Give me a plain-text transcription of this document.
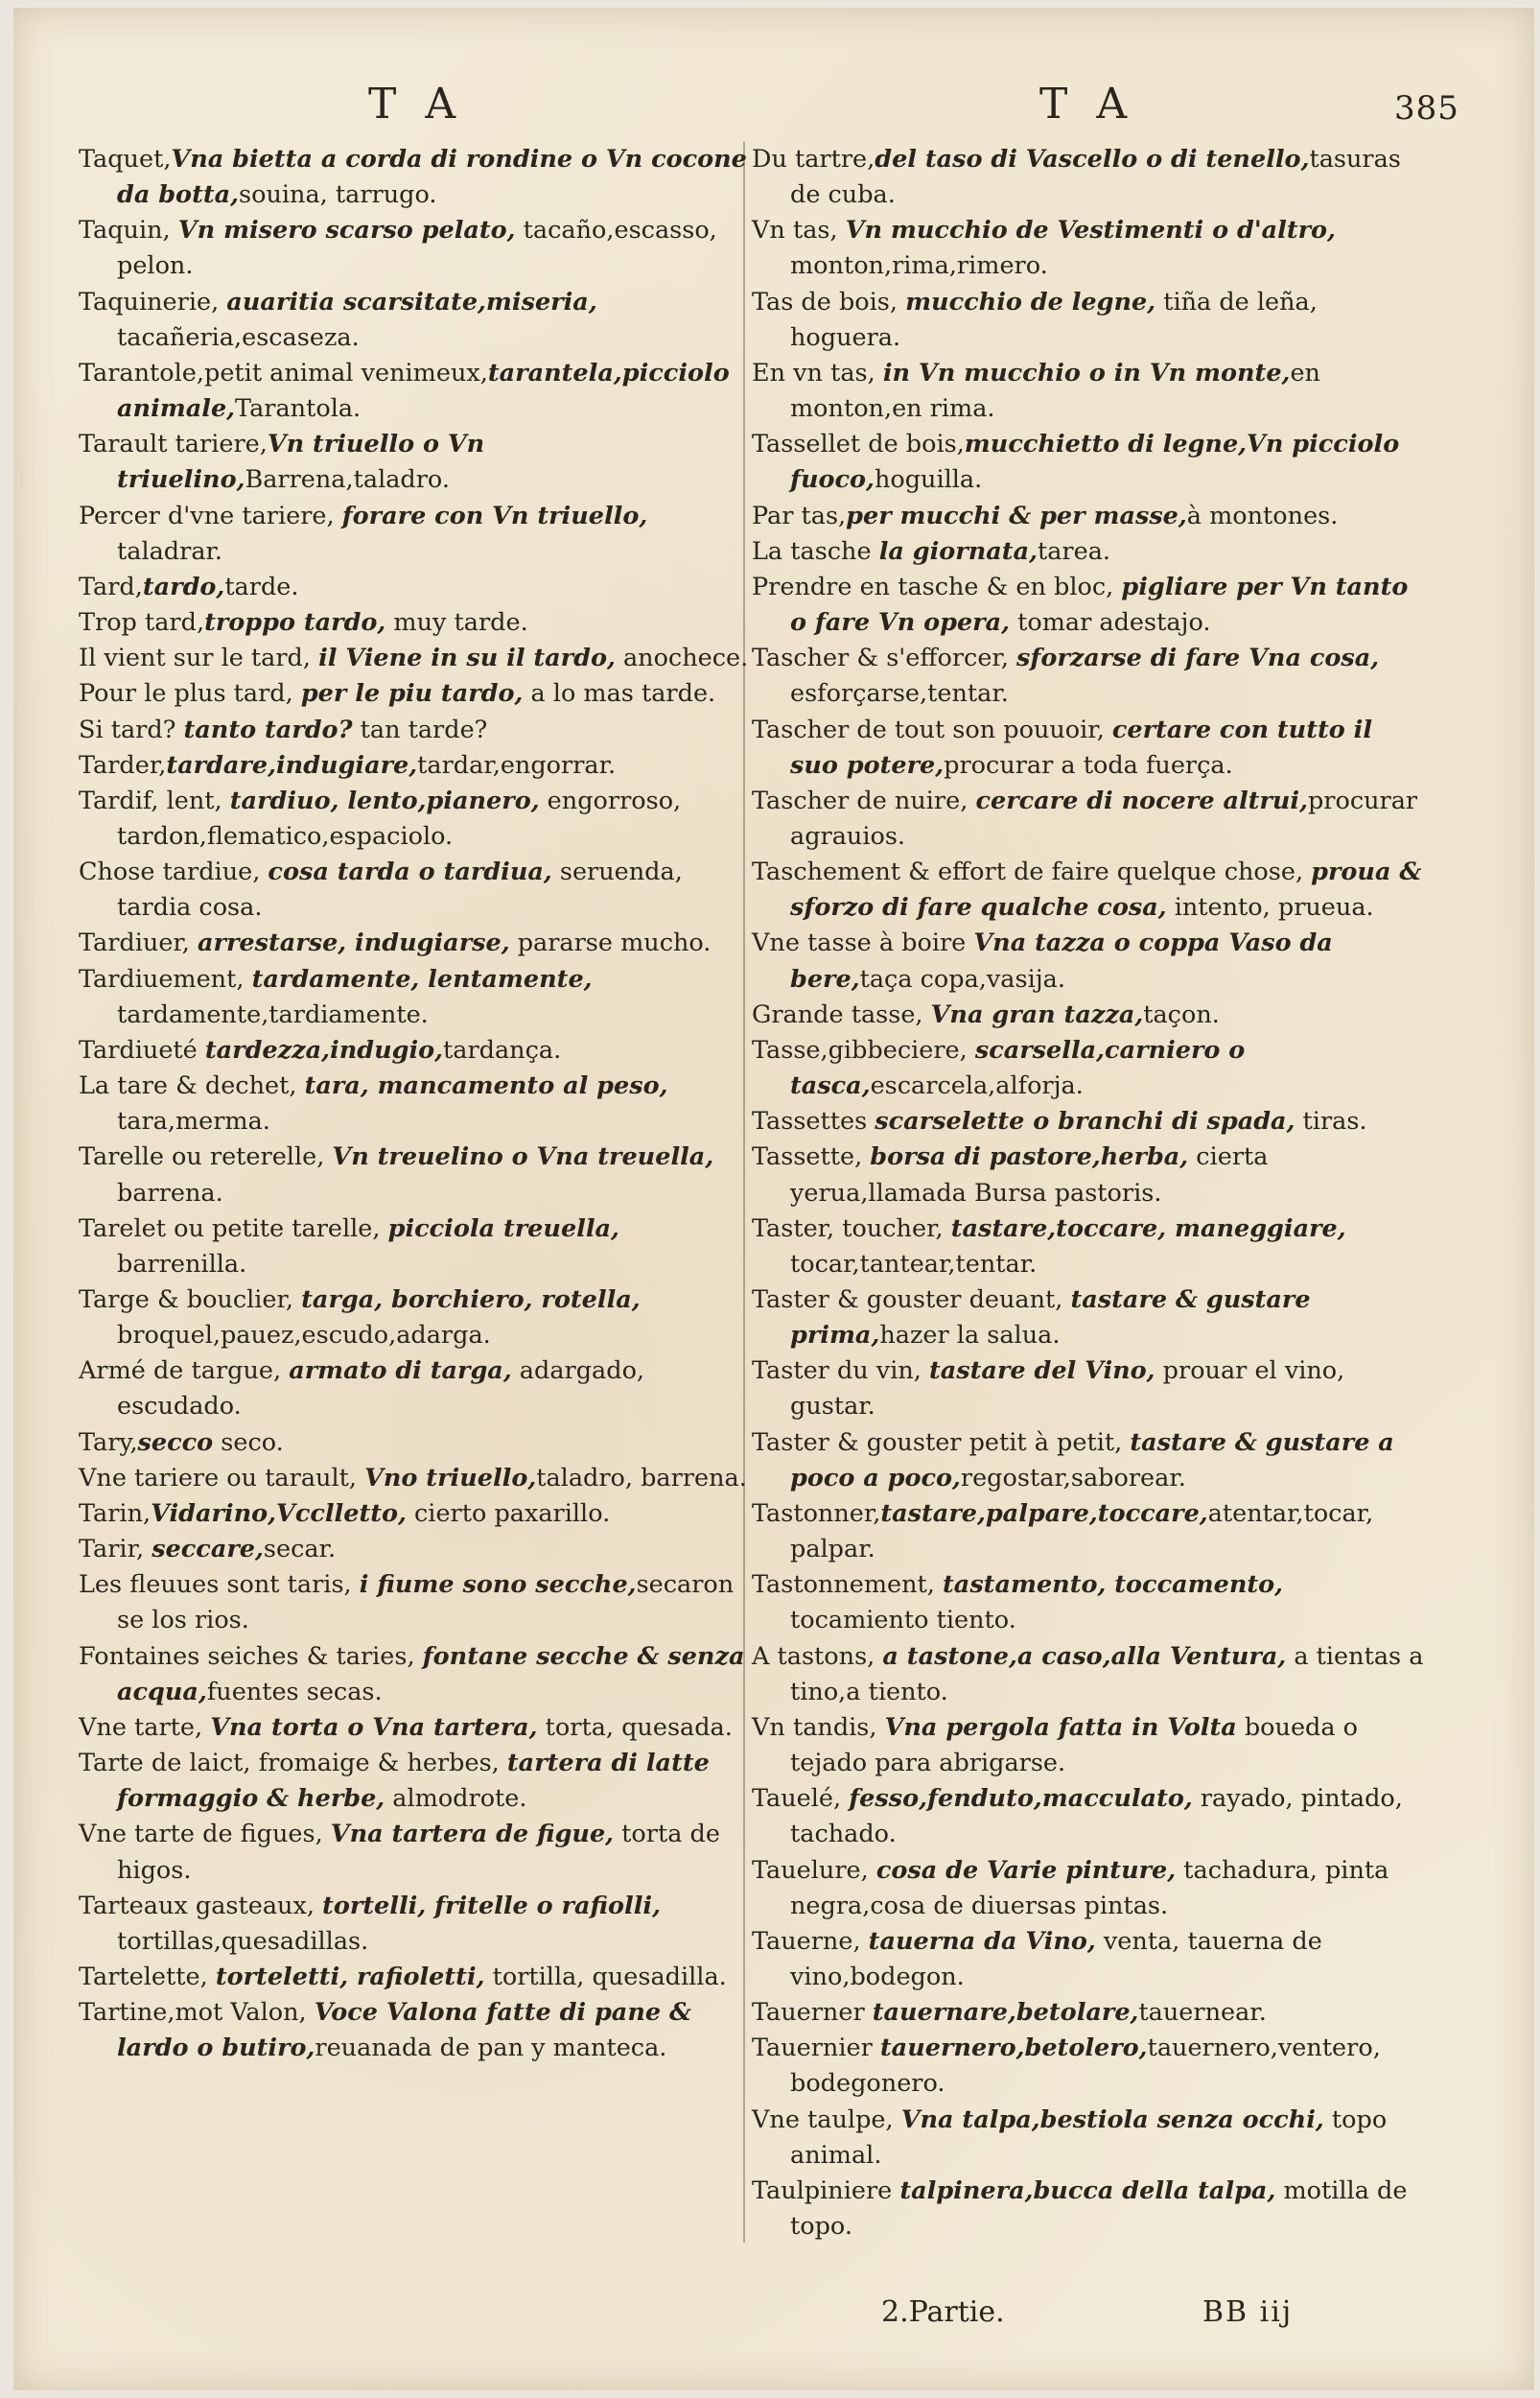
T A	T A	385
Taquet,Vna bietta a corda di rondine o Vn cocone da botta,souina, tarrugo.
Taquin, Vn misero scarso pelato, tacaño,escasso, pelon.
Taquinerie, auaritia scarsitate,miseria, tacañeria,escaseza.
Tarantole,petit animal venimeux,tarantela,picciolo animale,Tarantola.
Tarault tariere,Vn triuello o Vn triuelino,Barrena,taladro.
Percer d'vne tariere, forare con Vn triuello, taladrar.
Tard,tardo,tarde.
Trop tard,troppo tardo, muy tarde.
Il vient sur le tard, il Viene in su il tardo, anochece.
Pour le plus tard, per le piu tardo, a lo mas tarde.
Si tard? tanto tardo? tan tarde?
Tarder,tardare,indugiare,tardar,engorrar.
Tardif, lent, tardiuo, lento,pianero, engorroso, tardon,flematico,espaciolo.
Chose tardiue, cosa tarda o tardiua, seruenda, tardia cosa.
Tardiuer, arrestarse, indugiarse, pararse mucho.
Tardiuement, tardamente, lentamente, tardamente,tardiamente.
Tardiueté tardezza,indugio,tardança.
La tare & dechet, tara, mancamento al peso, tara,merma.
Tarelle ou reterelle, Vn treuelino o Vna treuella, barrena.
Tarelet ou petite tarelle, picciola treuella, barrenilla.
Targe & bouclier, targa, borchiero, rotella, broquel,pauez,escudo,adarga.
Armé de targue, armato di targa, adargado, escudado.
Tary,secco seco.
Vne tariere ou tarault, Vno triuello,taladro, barrena.
Tarin,Vidarino,Vcclletto, cierto paxarillo.
Tarir, seccare,secar.
Les fleuues sont taris, i fiume sono secche,secaron se los rios.
Fontaines seiches & taries, fontane secche & senza acqua,fuentes secas.
Vne tarte, Vna torta o Vna tartera, torta, quesada.
Tarte de laict, fromaige & herbes, tartera di latte formaggio & herbe, almodrote.
Vne tarte de figues, Vna tartera de figue, torta de higos.
Tarteaux gasteaux, tortelli, fritelle o rafiolli, tortillas,quesadillas.
Tartelette, torteletti, rafioletti, tortilla, quesadilla.
Tartine,mot Valon, Voce Valona fatte di pane & lardo o butiro,reuanada de pan y manteca.
Du tartre,del taso di Vascello o di tenello,tasuras de cuba.
Vn tas, Vn mucchio de Vestimenti o d'altro, monton,rima,rimero.
Tas de bois, mucchio de legne, tiña de leña, hoguera.
En vn tas, in Vn mucchio o in Vn monte,en monton,en rima.
Tassellet de bois,mucchietto di legne,Vn picciolo fuoco,hoguilla.
Par tas,per mucchi & per masse,à montones.
La tasche la giornata,tarea.
Prendre en tasche & en bloc, pigliare per Vn tanto o fare Vn opera, tomar adestajo.
Tascher & s'efforcer, sforzarse di fare Vna cosa, esforçarse,tentar.
Tascher de tout son pouuoir, certare con tutto il suo potere,procurar a toda fuerça.
Tascher de nuire, cercare di nocere altrui,procurar agrauios.
Taschement & effort de faire quelque chose, proua & sforzo di fare qualche cosa, intento, prueua.
Vne tasse à boire Vna tazza o coppa Vaso da bere,taça copa,vasija.
Grande tasse, Vna gran tazza,taçon.
Tasse,gibbeciere, scarsella,carniero o tasca,escarcela,alforja.
Tassettes scarselette o branchi di spada, tiras.
Tassette, borsa di pastore,herba, cierta yerua,llamada Bursa pastoris.
Taster, toucher, tastare,toccare, maneggiare, tocar,tantear,tentar.
Taster & gouster deuant, tastare & gustare prima,hazer la salua.
Taster du vin, tastare del Vino, prouar el vino, gustar.
Taster & gouster petit à petit, tastare & gustare a poco a poco,regostar,saborear.
Tastonner,tastare,palpare,toccare,atentar,tocar, palpar.
Tastonnement, tastamento, toccamento, tocamiento tiento.
A tastons, a tastone,a caso,alla Ventura, a tientas a tino,a tiento.
Vn tandis, Vna pergola fatta in Volta boueda o tejado para abrigarse.
Tauelé, fesso,fenduto,macculato, rayado, pintado, tachado.
Tauelure, cosa de Varie pinture, tachadura, pinta negra,cosa de diuersas pintas.
Tauerne, tauerna da Vino, venta, tauerna de vino,bodegon.
Tauerner tauernare,betolare,tauernear.
Tauernier tauernero,betolero,tauernero,ventero, bodegonero.
Vne taulpe, Vna talpa,bestiola senza occhi, topo animal.
Taulpiniere talpinera,bucca della talpa, motilla de topo.
2.Partie.	BB iij
